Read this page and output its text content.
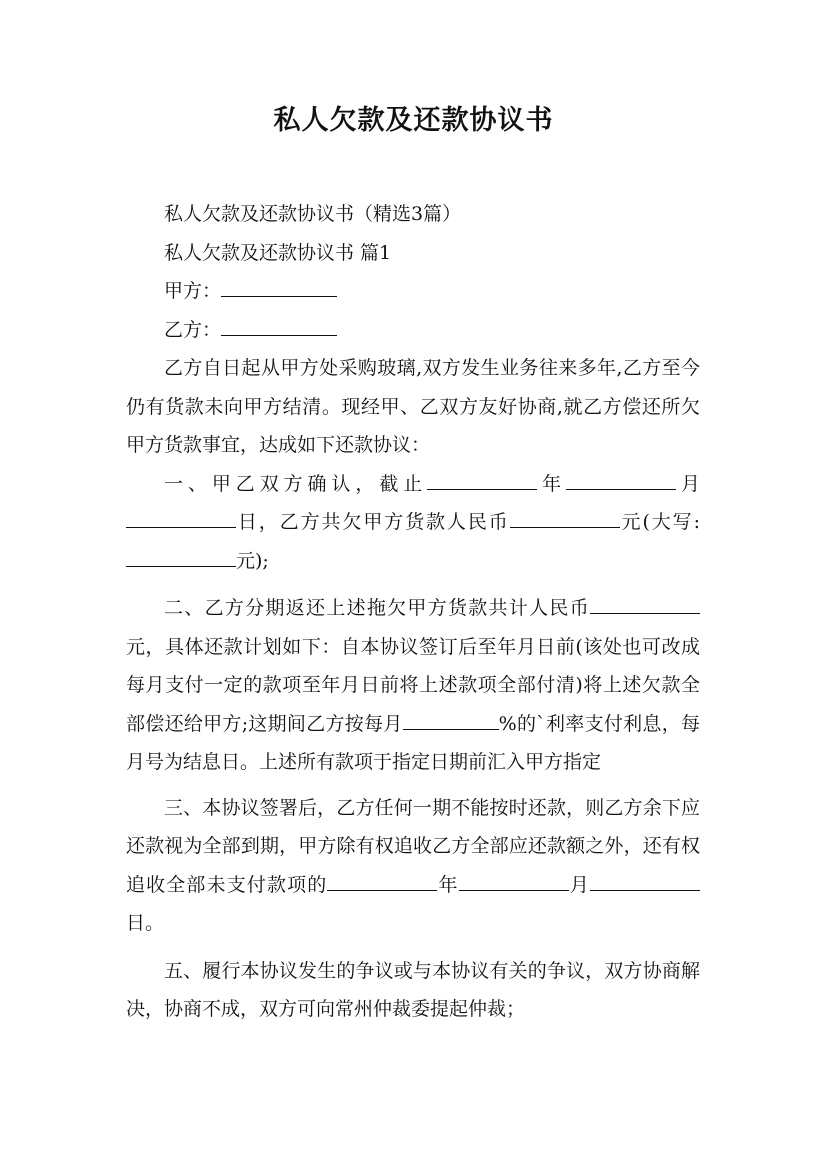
私人欠款及还款协议书

私人欠款及还款协议书（精选3篇）

私人欠款及还款协议书 篇1

甲方：

乙方：

乙方自日起从甲方处采购玻璃,双方发生业务往来多年,乙方至今仍有货款未向甲方结清。现经甲、乙双方友好协商,就乙方偿还所欠甲方货款事宜，达成如下还款协议：

一、甲乙双方确认，截止	年	月日，乙方共欠甲方货款人民币	元(大写:元);

二、乙方分期返还上述拖欠甲方货款共计人民币元，具体还款计划如下：自本协议签订后至年月日前(该处也可改成每月支付一定的款项至年月日前将上述款项全部付清)将上述欠款全部偿还给甲方;这期间乙方按每月	%的`利率支付利息，每月号为结息日。上述所有款项于指定日期前汇入甲方指定

三、本协议签署后，乙方任何一期不能按时还款，则乙方余下应还款视为全部到期，甲方除有权追收乙方全部应还款额之外，还有权追收全部未支付款项的	年	月日。

五、履行本协议发生的争议或与本协议有关的争议，双方协商解决，协商不成，双方可向常州仲裁委提起仲裁；
